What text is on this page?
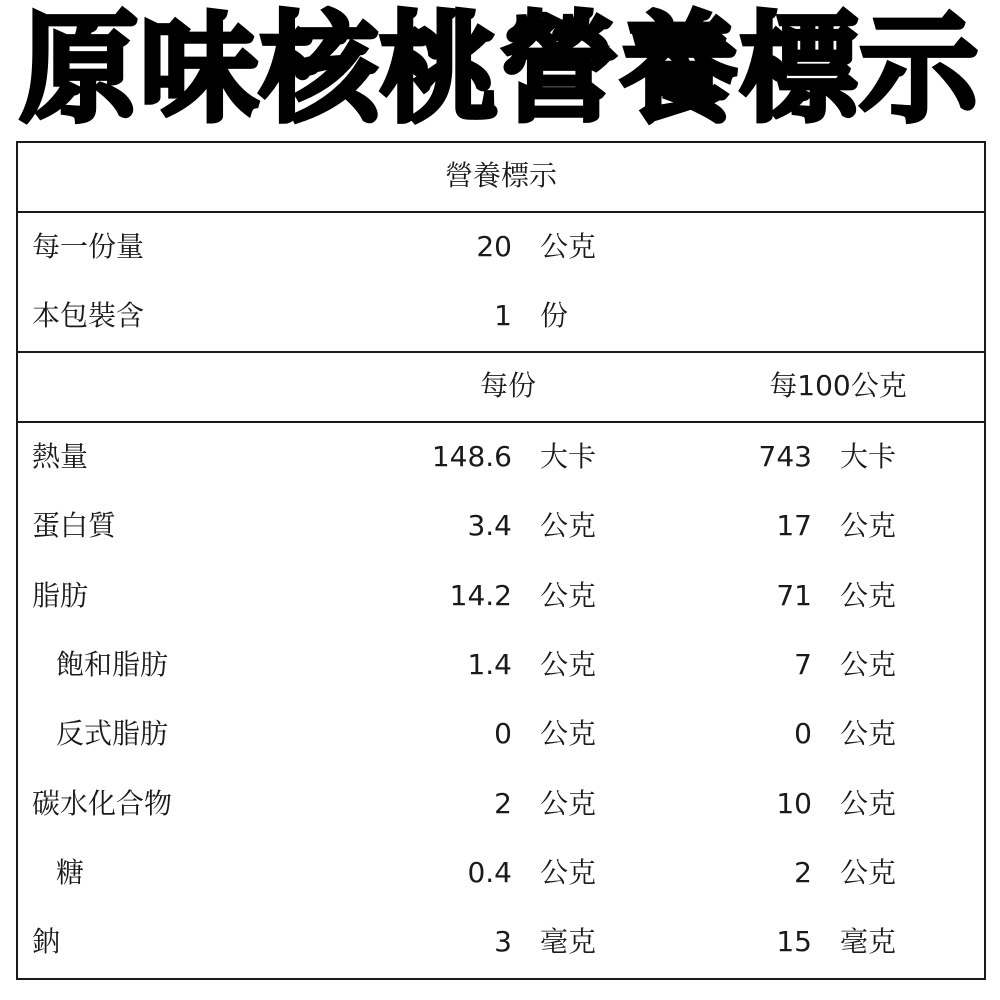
原味核桃營養標示
營養標示
每一份量	20 公克
本包裝含	1 份
每份	每100公克
熱量	148.6 大卡	743 大卡
蛋白質	3.4 公克	17 公克
脂肪	14.2 公克	71 公克
飽和脂肪	1.4 公克	7 公克
反式脂肪	0 公克	0 公克
碳水化合物	2 公克	10 公克
糖	0.4 公克	2 公克
鈉	3 毫克	15 毫克
